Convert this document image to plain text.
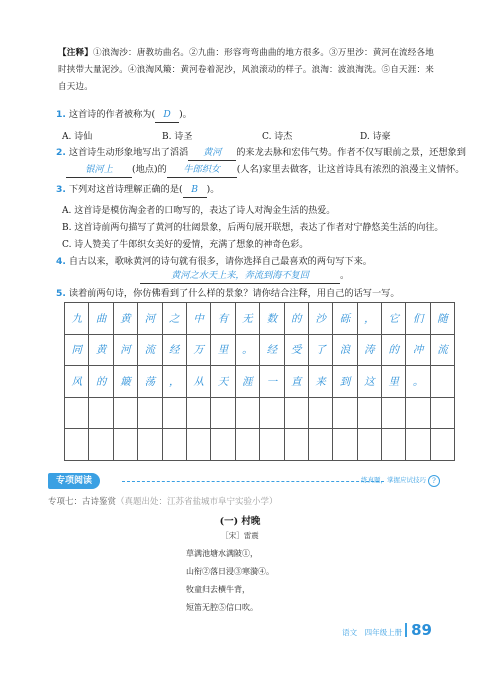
【注释】①浪淘沙：唐教坊曲名。②九曲：形容弯弯曲曲的地方很多。③万里沙：黄河在流经各地时挟带大量泥沙。④浪淘风簸：黄河卷着泥沙，风浪滚动的样子。浪淘：波浪淘洗。⑤自天涯：来自天边。
1. 这首诗的作者被称为( D )。
A. 诗仙	B. 诗圣	C. 诗杰	D. 诗豪
2. 这首诗生动形象地写出了滔滔 黄河 的来龙去脉和宏伟气势。作者不仅写眼前之景，还想象到
银河上 (地点)的 牛郎织女 (人名)家里去做客，让这首诗具有浓烈的浪漫主义情怀。
3. 下列对这首诗理解正确的是( B )。
A. 这首诗是模仿淘金者的口吻写的，表达了诗人对淘金生活的热爱。
B. 这首诗前两句描写了黄河的壮阔景象，后两句展开联想，表达了作者对宁静悠美生活的向往。
C. 诗人赞美了牛郎织女美好的爱情，充满了想象的神奇色彩。
4. 自古以来，歌咏黄河的诗句就有很多，请你选择自己最喜欢的两句写下来。
黄河之水天上来，奔流到海不复回	。
5. 读着前两句诗，你仿佛看到了什么样的景象？请你结合注释，用自己的话写一写。
九	曲	黄	河	之	中	有	无	数	的	沙	砾	，	它	们	随
同	黄	河	流	经	万	里	。	经	受	了	浪	涛	的	冲	流
风	的	簸	荡	，	从	天	涯	一	直	来	到	这	里	。	

专项阅读	练真题，掌握应试技巧 ?
专项七：古诗鉴赏（真题出处：江苏省盐城市阜宁实验小学）
(一) 村晚
［宋］雷震
草满池塘水满陂①，
山衔②落日浸③寒漪④。
牧童归去横牛背，
短笛无腔⑤信口吹。
语文　四年级上册 89
